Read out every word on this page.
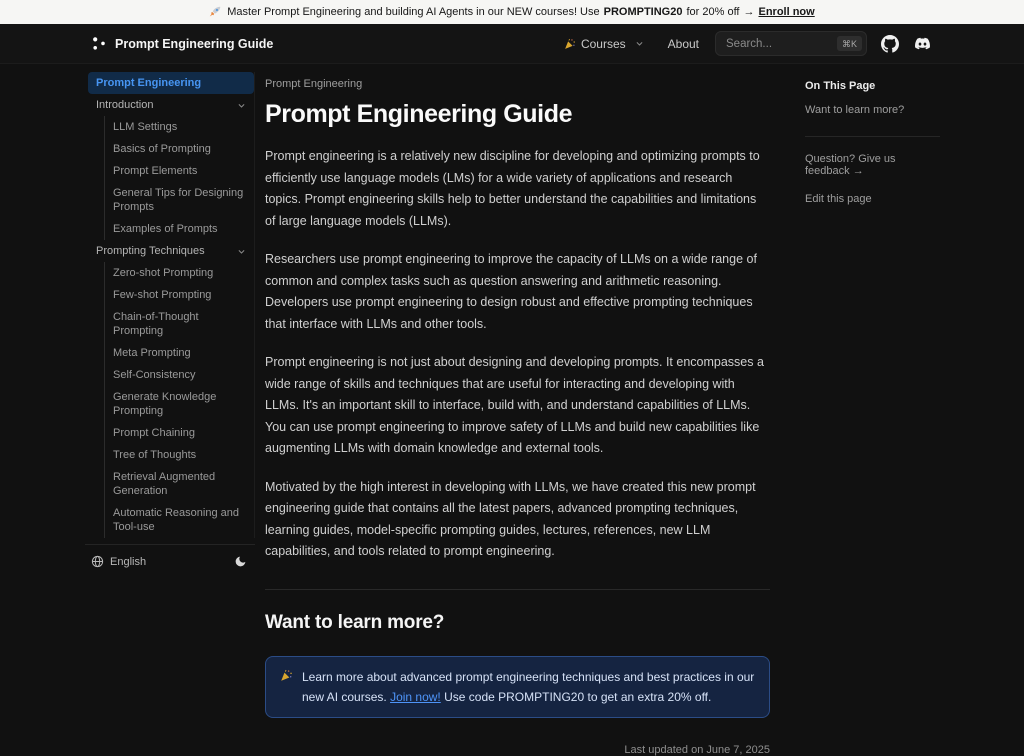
Master Prompt Engineering and building AI Agents in our NEW courses! Use PROMPTING20 for 20% off → Enroll now
Prompt Engineering Guide	Courses	About
Search...	⌘K
Prompt Engineering
Introduction
LLM Settings
Basics of Prompting
Prompt Elements
General Tips for Designing Prompts
Examples of Prompts
Prompting Techniques
Zero-shot Prompting
Few-shot Prompting
Chain-of-Thought Prompting
Meta Prompting
Self-Consistency
Generate Knowledge Prompting
Prompt Chaining
Tree of Thoughts
Retrieval Augmented Generation
Automatic Reasoning and Tool-use
English
Prompt Engineering
Prompt Engineering Guide

Prompt engineering is a relatively new discipline for developing and optimizing prompts to efficiently use language models (LMs) for a wide variety of applications and research topics. Prompt engineering skills help to better understand the capabilities and limitations of large language models (LLMs).

Researchers use prompt engineering to improve the capacity of LLMs on a wide range of common and complex tasks such as question answering and arithmetic reasoning. Developers use prompt engineering to design robust and effective prompting techniques that interface with LLMs and other tools.

Prompt engineering is not just about designing and developing prompts. It encompasses a wide range of skills and techniques that are useful for interacting and developing with LLMs. It's an important skill to interface, build with, and understand capabilities of LLMs. You can use prompt engineering to improve safety of LLMs and build new capabilities like augmenting LLMs with domain knowledge and external tools.

Motivated by the high interest in developing with LLMs, we have created this new prompt engineering guide that contains all the latest papers, advanced prompting techniques, learning guides, model-specific prompting guides, lectures, references, new LLM capabilities, and tools related to prompt engineering.

Want to learn more?
Learn more about advanced prompt engineering techniques and best practices in our new AI courses. Join now! Use code PROMPTING20 to get an extra 20% off.
Last updated on June 7, 2025
On This Page
Want to learn more?
Question? Give us feedback →
Edit this page
